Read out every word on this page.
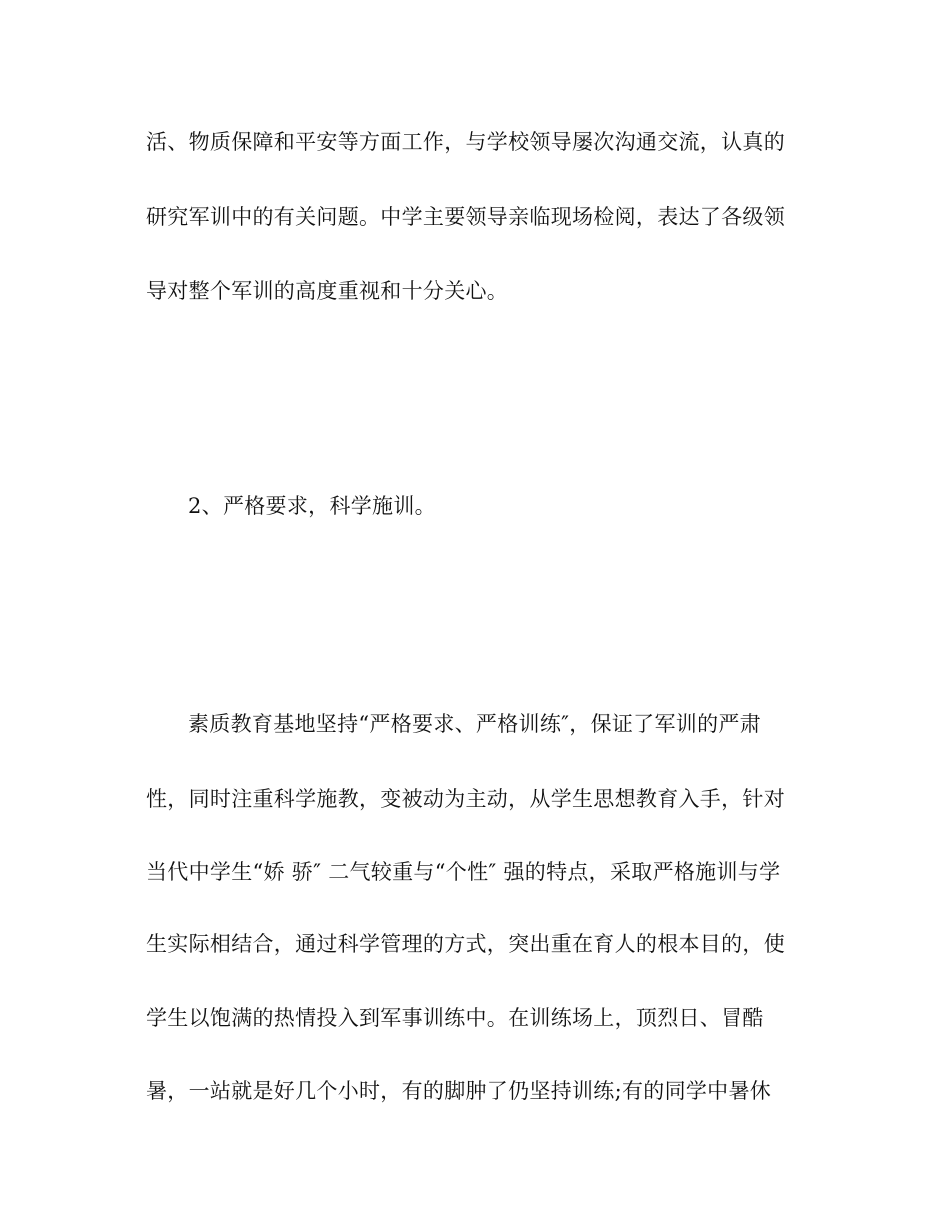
活、物质保障和平安等方面工作，与学校领导屡次沟通交流，认真的
研究军训中的有关问题。中学主要领导亲临现场检阅，表达了各级领
导对整个军训的高度重视和十分关心。
2、严格要求，科学施训。
素质教育基地坚持“严格要求、严格训练″，保证了军训的严肃
性，同时注重科学施教，变被动为主动，从学生思想教育入手，针对
当代中学生“娇 骄″ 二气较重与“个性″ 强的特点，采取严格施训与学
生实际相结合，通过科学管理的方式，突出重在育人的根本目的，使
学生以饱满的热情投入到军事训练中。在训练场上，顶烈日、冒酷
暑，一站就是好几个小时，有的脚肿了仍坚持训练;有的同学中暑休
